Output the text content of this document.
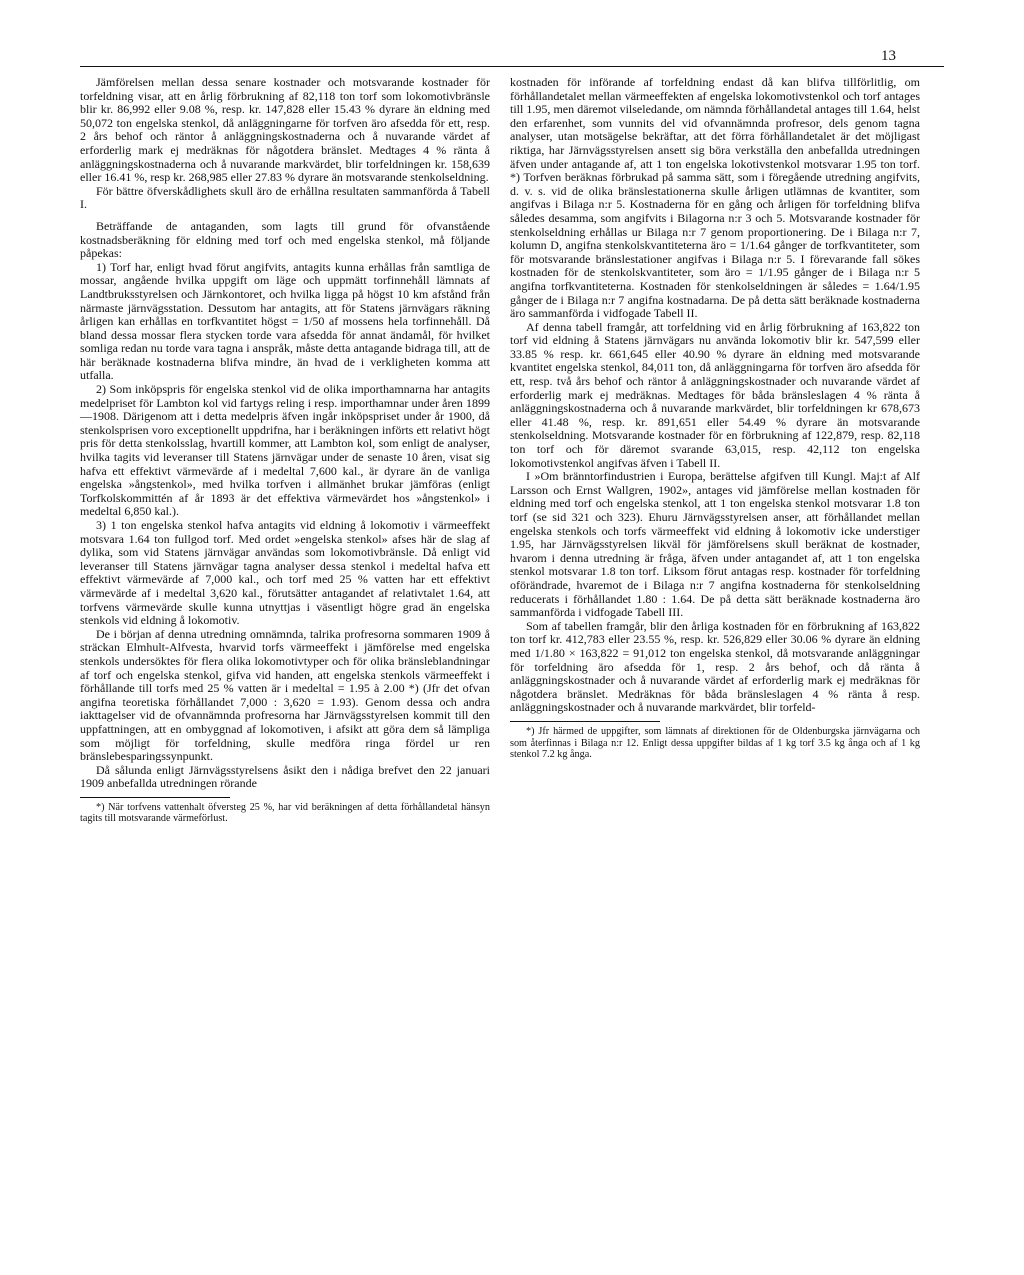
13

Jämförelsen mellan dessa senare kostnader och motsvarande kostnader för torfeldning visar, att en årlig förbrukning af 82,118 ton torf som lokomotivbränsle blir kr. 86,992 eller 9.08 %, resp. kr. 147,828 eller 15.43 % dyrare än eldning med 50,072 ton engelska stenkol, då anläggningarne för torfven äro afsedda för ett, resp. 2 års behof och räntor å anläggningskostnaderna och å nuvarande värdet af erforderlig mark ej medräknas för någotdera bränslet. Medtages 4 % ränta å anläggningskostnaderna och å nuvarande markvärdet, blir torfeldningen kr. 158,639 eller 16.41 %, resp kr. 268,985 eller 27.83 % dyrare än motsvarande stenkolseldning.

För bättre öfverskådlighets skull äro de erhållna resultaten sammanförda å Tabell I.

Beträffande de antaganden, som lagts till grund för ofvanstående kostnadsberäkning för eldning med torf och med engelska stenkol, må följande påpekas:

1) Torf har, enligt hvad förut angifvits, antagits kunna erhållas från samtliga de mossar, angående hvilka uppgift om läge och uppmätt torfinnehåll lämnats af Landtbruksstyrelsen och Järnkontoret, och hvilka ligga på högst 10 km afstånd från närmaste järnvägsstation. Dessutom har antagits, att för Statens järnvägars räkning årligen kan erhållas en torfkvantitet högst = 1/50 af mossens hela torfinnehåll. Då bland dessa mossar flera stycken torde vara afsedda för annat ändamål, för hvilket somliga redan nu torde vara tagna i anspråk, måste detta antagande bidraga till, att de här beräknade kostnaderna blifva mindre, än hvad de i verkligheten komma att utfalla.

2) Som inköpspris för engelska stenkol vid de olika importhamnarna har antagits medelpriset för Lambton kol vid fartygs reling i resp. importhamnar under åren 1899—1908. Därigenom att i detta medelpris äfven ingår inköpspriset under år 1900, då stenkolsprisen voro exceptionellt uppdrifna, har i beräkningen införts ett relativt högt pris för detta stenkolsslag, hvartill kommer, att Lambton kol, som enligt de analyser, hvilka tagits vid leveranser till Statens järnvägar under de senaste 10 åren, visat sig hafva ett effektivt värmevärde af i medeltal 7,600 kal., är dyrare än de vanliga engelska »ångstenkol», med hvilka torfven i allmänhet brukar jämföras (enligt Torfkolskommittén af år 1893 är det effektiva värmevärdet hos »ångstenkol» i medeltal 6,850 kal.).

3) 1 ton engelska stenkol hafva antagits vid eldning å lokomotiv i värmeeffekt motsvara 1.64 ton fullgod torf. Med ordet »engelska stenkol» afses här de slag af dylika, som vid Statens järnvägar användas som lokomotivbränsle. Då enligt vid leveranser till Statens järnvägar tagna analyser dessa stenkol i medeltal hafva ett effektivt värmevärde af 7,000 kal., och torf med 25 % vatten har ett effektivt värmevärde af i medeltal 3,620 kal., förutsätter antagandet af relativtalet 1.64, att torfvens värmevärde skulle kunna utnyttjas i väsentligt högre grad än engelska stenkols vid eldning å lokomotiv.

De i början af denna utredning omnämnda, talrika profresorna sommaren 1909 å sträckan Elmhult-Alfvesta, hvarvid torfs värmeeffekt i jämförelse med engelska stenkols undersöktes för flera olika lokomotivtyper och för olika bränsleblandningar af torf och engelska stenkol, gifva vid handen, att engelska stenkols värmeeffekt i förhållande till torfs med 25 % vatten är i medeltal = 1.95 à 2.00 *) (Jfr det ofvan angifna teoretiska förhållandet 7,000 : 3,620 = 1.93). Genom dessa och andra iakttagelser vid de ofvannämnda profresorna har Järnvägsstyrelsen kommit till den uppfattningen, att en ombyggnad af lokomotiven, i afsikt att göra dem så lämpliga som möjligt för torfeldning, skulle medföra ringa fördel ur ren bränslebesparingssynpunkt.

Då sålunda enligt Järnvägsstyrelsens åsikt den i nådiga brefvet den 22 januari 1909 anbefallda utredningen rörande

*) När torfvens vattenhalt öfversteg 25 %, har vid beräkningen af detta förhållandetal hänsyn tagits till motsvarande värmeförlust.

kostnaden för införande af torfeldning endast då kan blifva tillförlitlig, om förhållandetalet mellan värmeeffekten af engelska lokomotivstenkol och torf antages till 1.95, men däremot vilseledande, om nämnda förhållandetal antages till 1.64, helst den erfarenhet, som vunnits del vid ofvannämnda profresor, dels genom tagna analyser, utan motsägelse bekräftar, att det förra förhållandetalet är det möjligast riktiga, har Järnvägsstyrelsen ansett sig böra verkställa den anbefallda utredningen äfven under antagande af, att 1 ton engelska lokotivstenkol motsvarar 1.95 ton torf. *) Torfven beräknas förbrukad på samma sätt, som i föregående utredning angifvits, d. v. s. vid de olika bränslestationerna skulle årligen utlämnas de kvantiter, som angifvas i Bilaga n:r 5. Kostnaderna för en gång och årligen för torfeldning blifva således desamma, som angifvits i Bilagorna n:r 3 och 5. Motsvarande kostnader för stenkolseldning erhållas ur Bilaga n:r 7 genom proportionering. De i Bilaga n:r 7, kolumn D, angifna stenkolskvantiteterna äro = 1/1.64 gånger de torfkvantiteter, som för motsvarande bränslestationer angifvas i Bilaga n:r 5. I förevarande fall sökes kostnaden för de stenkolskvantiteter, som äro = 1/1.95 gånger de i Bilaga n:r 5 angifna torfkvantiteterna. Kostnaden för stenkolseldningen är således = 1.64/1.95 gånger de i Bilaga n:r 7 angifna kostnadarna. De på detta sätt beräknade kostnaderna äro sammanförda i vidfogade Tabell II.

Af denna tabell framgår, att torfeldning vid en årlig förbrukning af 163,822 ton torf vid eldning å Statens järnvägars nu använda lokomotiv blir kr. 547,599 eller 33.85 % resp. kr. 661,645 eller 40.90 % dyrare än eldning med motsvarande kvantitet engelska stenkol, 84,011 ton, då anläggningarna för torfven äro afsedda för ett, resp. två års behof och räntor å anläggningskostnader och nuvarande värdet af erforderlig mark ej medräknas. Medtages för båda bränsleslagen 4 % ränta å anläggningskostnaderna och å nuvarande markvärdet, blir torfeldningen kr 678,673 eller 41.48 %, resp. kr. 891,651 eller 54.49 % dyrare än motsvarande stenkolseldning. Motsvarande kostnader för en förbrukning af 122,879, resp. 82,118 ton torf och för däremot svarande 63,015, resp. 42,112 ton engelska lokomotivstenkol angifvas äfven i Tabell II.

I »Om bränntorfindustrien i Europa, berättelse afgifven till Kungl. Maj:t af Alf Larsson och Ernst Wallgren, 1902», antages vid jämförelse mellan kostnaden för eldning med torf och engelska stenkol, att 1 ton engelska stenkol motsvarar 1.8 ton torf (se sid 321 och 323). Ehuru Järnvägsstyrelsen anser, att förhållandet mellan engelska stenkols och torfs värmeeffekt vid eldning å lokomotiv icke understiger 1.95, har Järnvägsstyrelsen likväl för jämförelsens skull beräknat de kostnader, hvarom i denna utredning är fråga, äfven under antagandet af, att 1 ton engelska stenkol motsvarar 1.8 ton torf. Liksom förut antagas resp. kostnader för torfeldning oförändrade, hvaremot de i Bilaga n:r 7 angifna kostnaderna för stenkolseldning reducerats i förhållandet 1.80 : 1.64. De på detta sätt beräknade kostnaderna äro sammanförda i vidfogade Tabell III.

Som af tabellen framgår, blir den årliga kostnaden för en förbrukning af 163,822 ton torf kr. 412,783 eller 23.55 %, resp. kr. 526,829 eller 30.06 % dyrare än eldning med 1/1.80 × 163,822 = 91,012 ton engelska stenkol, då motsvarande anläggningar för torfeldning äro afsedda för 1, resp. 2 års behof, och då ränta å anläggningskostnader och å nuvarande värdet af erforderlig mark ej medräknas för någotdera bränslet. Medräknas för båda bränsleslagen 4 % ränta å resp. anläggningskostnader och å nuvarande markvärdet, blir torfeld-

*) Jfr härmed de uppgifter, som lämnats af direktionen för de Oldenburgska järnvägarna och som återfinnas i Bilaga n:r 12. Enligt dessa uppgifter bildas af 1 kg torf 3.5 kg ånga och af 1 kg stenkol 7.2 kg ånga.
